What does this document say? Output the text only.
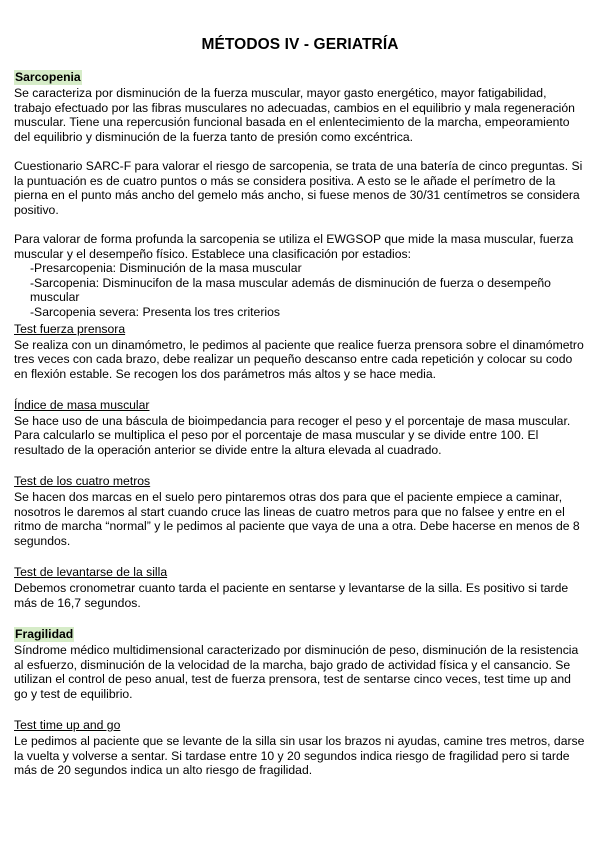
MÉTODOS IV - GERIATRÍA
Sarcopenia

Se caracteriza por disminución de la fuerza muscular, mayor gasto energético, mayor fatigabilidad, trabajo efectuado por las fibras musculares no adecuadas, cambios en el equilibrio y mala regeneración muscular. Tiene una repercusión funcional basada en el enlentecimiento de la marcha, empeoramiento del equilibrio y disminución de la fuerza tanto de presión como excéntrica.

Cuestionario SARC-F para valorar el riesgo de sarcopenia, se trata de una batería de cinco preguntas. Si la puntuación es de cuatro puntos o más se considera positiva. A esto se le añade el perímetro de la pierna en el punto más ancho del gemelo más ancho, si fuese menos de 30/31 centímetros se considera positivo.

Para valorar de forma profunda la sarcopenia se utiliza el EWGSOP que mide la masa muscular, fuerza muscular y el desempeño físico. Establece una clasificación por estadios:

-Presarcopenia: Disminución de la masa muscular
-Sarcopenia: Disminucifon de la masa muscular además de disminución de fuerza o desempeño muscular
-Sarcopenia severa: Presenta los tres criterios
Test fuerza prensora

Se realiza con un dinamómetro, le pedimos al paciente que realice fuerza prensora sobre el dinamómetro tres veces con cada brazo, debe realizar un pequeño descanso entre cada repetición y colocar su codo en flexión estable. Se recogen los dos parámetros más altos y se hace media.

Índice de masa muscular

Se hace uso de una báscula de bioimpedancia para recoger el peso y el porcentaje de masa muscular. Para calcularlo se multiplica el peso por el porcentaje de masa muscular y se divide entre 100. El resultado de la operación anterior se divide entre la altura elevada al cuadrado.

Test de los cuatro metros

Se hacen dos marcas en el suelo pero pintaremos otras dos para que el paciente empiece a caminar, nosotros le daremos al start cuando cruce las lineas de cuatro metros para que no falsee y entre en el ritmo de marcha “normal” y le pedimos al paciente que vaya de una a otra. Debe hacerse en menos de 8 segundos.

Test de levantarse de la silla

Debemos cronometrar cuanto tarda el paciente en sentarse y levantarse de la silla. Es positivo si tarde más de 16,7 segundos.

Fragilidad

Síndrome médico multidimensional caracterizado por disminución de peso, disminución de la resistencia al esfuerzo, disminución de la velocidad de la marcha, bajo grado de actividad física y el cansancio. Se utilizan el control de peso anual, test de fuerza prensora, test de sentarse cinco veces, test time up and go y test de equilibrio.

Test time up and go

Le pedimos al paciente que se levante de la silla sin usar los brazos ni ayudas, camine tres metros, darse la vuelta y volverse a sentar. Si tardase entre 10 y 20 segundos indica riesgo de fragilidad pero si tarde más de 20 segundos indica un alto riesgo de fragilidad.
